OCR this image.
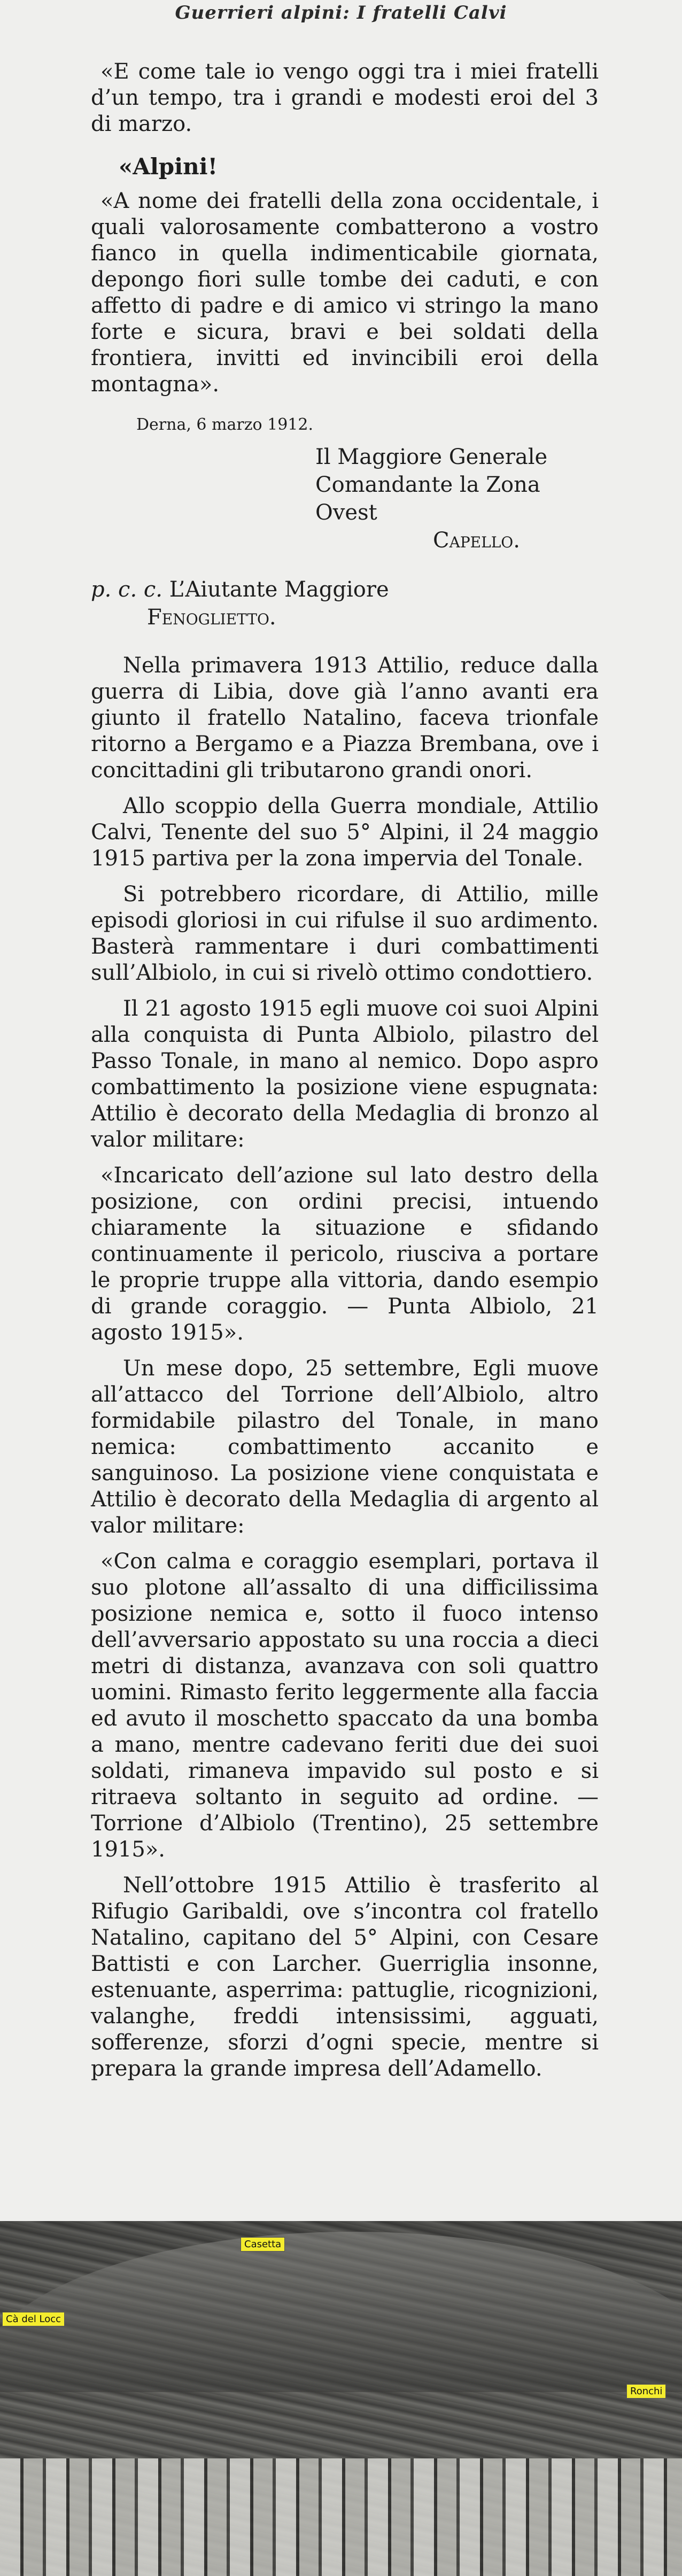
Guerrieri alpini: I fratelli Calvi

«E come tale io vengo oggi tra i miei fratelli d’un tempo, tra i grandi e modesti eroi del 3 di marzo.

«Alpini!

«A nome dei fratelli della zona occidentale, i quali valorosamente combatterono a vostro fianco in quella indimenticabile giornata, depongo fiori sulle tombe dei caduti, e con affetto di padre e di amico vi stringo la mano forte e sicura, bravi e bei soldati della frontiera, invitti ed invincibili eroi della montagna».

Derna, 6 marzo 1912.
Il Maggiore Generale
Comandante la Zona Ovest
Capello.
p. c. c. L’Aiutante Maggiore
Fenoglietto.

Nella primavera 1913 Attilio, reduce dalla guerra di Libia, dove già l’anno avanti era giunto il fratello Natalino, faceva trionfale ritorno a Bergamo e a Piazza Brembana, ove i concittadini gli tributarono grandi onori.

Allo scoppio della Guerra mondiale, Attilio Calvi, Tenente del suo 5° Alpini, il 24 maggio 1915 partiva per la zona impervia del Tonale.

Si potrebbero ricordare, di Attilio, mille episodi gloriosi in cui rifulse il suo ardimento. Basterà rammentare i duri combattimenti sull’Albiolo, in cui si rivelò ottimo condottiero.

Il 21 agosto 1915 egli muove coi suoi Alpini alla conquista di Punta Albiolo, pilastro del Passo Tonale, in mano al nemico. Dopo aspro combattimento la posizione viene espugnata: Attilio è decorato della Medaglia di bronzo al valor militare:

«Incaricato dell’azione sul lato destro della posizione, con ordini precisi, intuendo chiaramente la situazione e sfidando continuamente il pericolo, riusciva a portare le proprie truppe alla vittoria, dando esempio di grande coraggio. — Punta Albiolo, 21 agosto 1915».

Un mese dopo, 25 settembre, Egli muove all’attacco del Torrione dell’Albiolo, altro formidabile pilastro del Tonale, in mano nemica: combattimento accanito e sanguinoso. La posizione viene conquistata e Attilio è decorato della Medaglia di argento al valor militare:

«Con calma e coraggio esemplari, portava il suo plotone all’assalto di una difficilissima posizione nemica e, sotto il fuoco intenso dell’avversario appostato su una roccia a dieci metri di distanza, avanzava con soli quattro uomini. Rimasto ferito leggermente alla faccia ed avuto il moschetto spaccato da una bomba a mano, mentre cadevano feriti due dei suoi soldati, rimaneva impavido sul posto e si ritraeva soltanto in seguito ad ordine. — Torrione d’Albiolo (Trentino), 25 settembre 1915».

Nell’ottobre 1915 Attilio è trasferito al Rifugio Garibaldi, ove s’incontra col fratello Natalino, capitano del 5° Alpini, con Cesare Battisti e con Larcher. Guerriglia insonne, estenuante, asperrima: pattuglie, ricognizioni, valanghe, freddi intensissimi, agguati, sofferenze, sforzi d’ogni specie, mentre si prepara la grande impresa dell’Adamello.

Cà del Locc
Casetta
Ronchi
